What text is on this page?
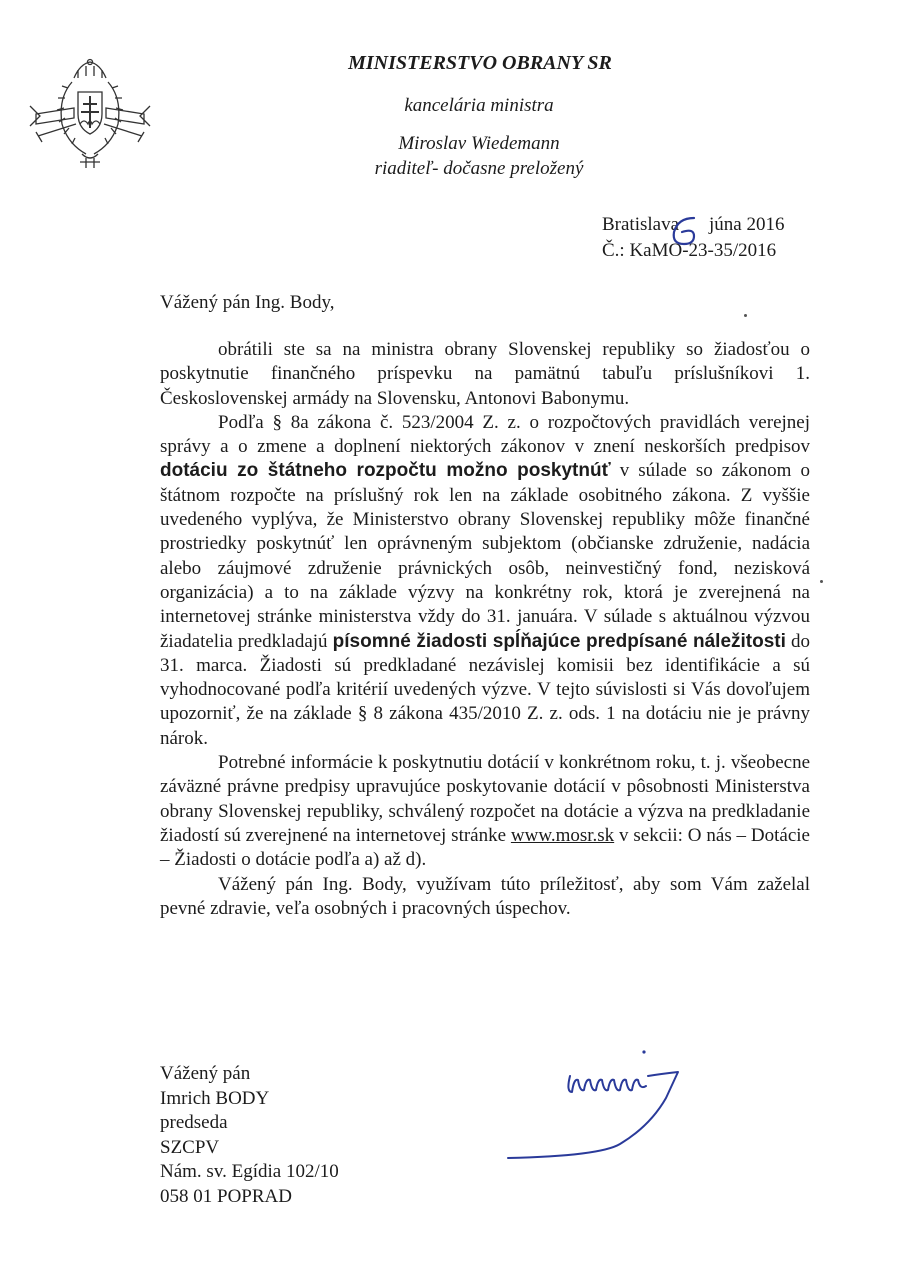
MINISTERSTVO OBRANY SR
kancelária ministra
Miroslav Wiedemann
riaditeľ- dočasne preložený
Bratislava júna 2016
Č.: KaMO-23-35/2016
Vážený pán Ing. Body,

obrátili ste sa na ministra obrany Slovenskej republiky so žiadosťou o poskytnutie finančného príspevku na pamätnú tabuľu príslušníkovi 1. Československej armády na Slovensku, Antonovi Babonymu.

Podľa § 8a zákona č. 523/2004 Z. z. o rozpočtových pravidlách verejnej správy a o zmene a doplnení niektorých zákonov v znení neskorších predpisov dotáciu zo štátneho rozpočtu možno poskytnúť v súlade so zákonom o štátnom rozpočte na príslušný rok len na základe osobitného zákona. Z vyššie uvedeného vyplýva, že Ministerstvo obrany Slovenskej republiky môže finančné prostriedky poskytnúť len oprávneným subjektom (občianske združenie, nadácia alebo záujmové združenie právnických osôb, neinvestičný fond, nezisková organizácia) a to na základe výzvy na konkrétny rok, ktorá je zverejnená na internetovej stránke ministerstva vždy do 31. januára. V súlade s aktuálnou výzvou žiadatelia predkladajú písomné žiadosti spĺňajúce predpísané náležitosti do 31. marca. Žiadosti sú predkladané nezávislej komisii bez identifikácie a sú vyhodnocované podľa kritérií uvedených výzve. V tejto súvislosti si Vás dovoľujem upozorniť, že na základe § 8 zákona 435/2010 Z. z. ods. 1 na dotáciu nie je právny nárok.

Potrebné informácie k poskytnutiu dotácií v konkrétnom roku, t. j. všeobecne záväzné právne predpisy upravujúce poskytovanie dotácií v pôsobnosti Ministerstva obrany Slovenskej republiky, schválený rozpočet na dotácie a výzva na predkladanie žiadostí sú zverejnené na internetovej stránke www.mosr.sk v sekcii: O nás – Dotácie – Žiadosti o dotácie podľa a) až d).

Vážený pán Ing. Body, využívam túto príležitosť, aby som Vám zaželal pevné zdravie, veľa osobných i pracovných úspechov.

Vážený pán
Imrich BODY
predseda
SZCPV
Nám. sv. Egídia 102/10
058 01 POPRAD
